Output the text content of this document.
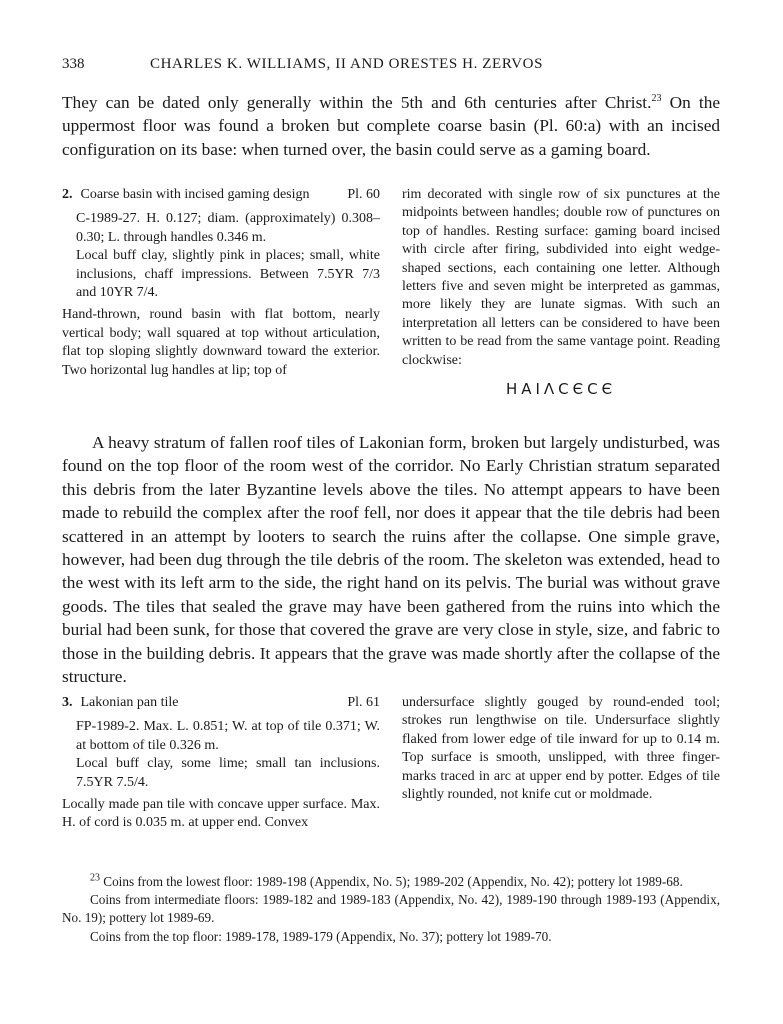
338	CHARLES K. WILLIAMS, II AND ORESTES H. ZERVOS

They can be dated only generally within the 5th and 6th centuries after Christ.$^{23}$ On the uppermost floor was found a broken but complete coarse basin (Pl. 60:a) with an incised configuration on its base: when turned over, the basin could serve as a gaming board.

2. Coarse basin with incised gaming design	Pl. 60

C-1989-27. H. 0.127; diam. (approximately) 0.308–0.30; L. through handles 0.346 m.

Local buff clay, slightly pink in places; small, white inclusions, chaff impressions. Between 7.5YR 7/3 and 10YR 7/4.

Hand-thrown, round basin with flat bottom, nearly vertical body; wall squared at top without articulation, flat top sloping slightly downward toward the exterior. Two horizontal lug handles at lip; top of

rim decorated with single row of six punctures at the midpoints between handles; double row of punctures on top of handles. Resting surface: gaming board incised with circle after firing, subdivided into eight wedge-shaped sections, each containing one letter. Although letters five and seven might be interpreted as gammas, more likely they are lunate sigmas. With such an interpretation all letters can be considered to have been written to be read from the same vantage point. Reading clockwise:

ΗΑΙΛϹЄϹЄ

A heavy stratum of fallen roof tiles of Lakonian form, broken but largely undisturbed, was found on the top floor of the room west of the corridor. No Early Christian stratum separated this debris from the later Byzantine levels above the tiles. No attempt appears to have been made to rebuild the complex after the roof fell, nor does it appear that the tile debris had been scattered in an attempt by looters to search the ruins after the collapse. One simple grave, however, had been dug through the tile debris of the room. The skeleton was extended, head to the west with its left arm to the side, the right hand on its pelvis. The burial was without grave goods. The tiles that sealed the grave may have been gathered from the ruins into which the burial had been sunk, for those that covered the grave are very close in style, size, and fabric to those in the building debris. It appears that the grave was made shortly after the collapse of the structure.

3. Lakonian pan tile	Pl. 61

FP-1989-2. Max. L. 0.851; W. at top of tile 0.371; W. at bottom of tile 0.326 m.

Local buff clay, some lime; small tan inclusions. 7.5YR 7.5/4.

Locally made pan tile with concave upper surface. Max. H. of cord is 0.035 m. at upper end. Convex

undersurface slightly gouged by round-ended tool; strokes run lengthwise on tile. Undersurface slightly flaked from lower edge of tile inward for up to 0.14 m. Top surface is smooth, unslipped, with three finger-marks traced in arc at upper end by potter. Edges of tile slightly rounded, not knife cut or moldmade.

$^{23}$ Coins from the lowest floor: 1989-198 (Appendix, No. 5); 1989-202 (Appendix, No. 42); pottery lot 1989-68.

Coins from intermediate floors: 1989-182 and 1989-183 (Appendix, No. 42), 1989-190 through 1989-193 (Appendix, No. 19); pottery lot 1989-69.

Coins from the top floor: 1989-178, 1989-179 (Appendix, No. 37); pottery lot 1989-70.
